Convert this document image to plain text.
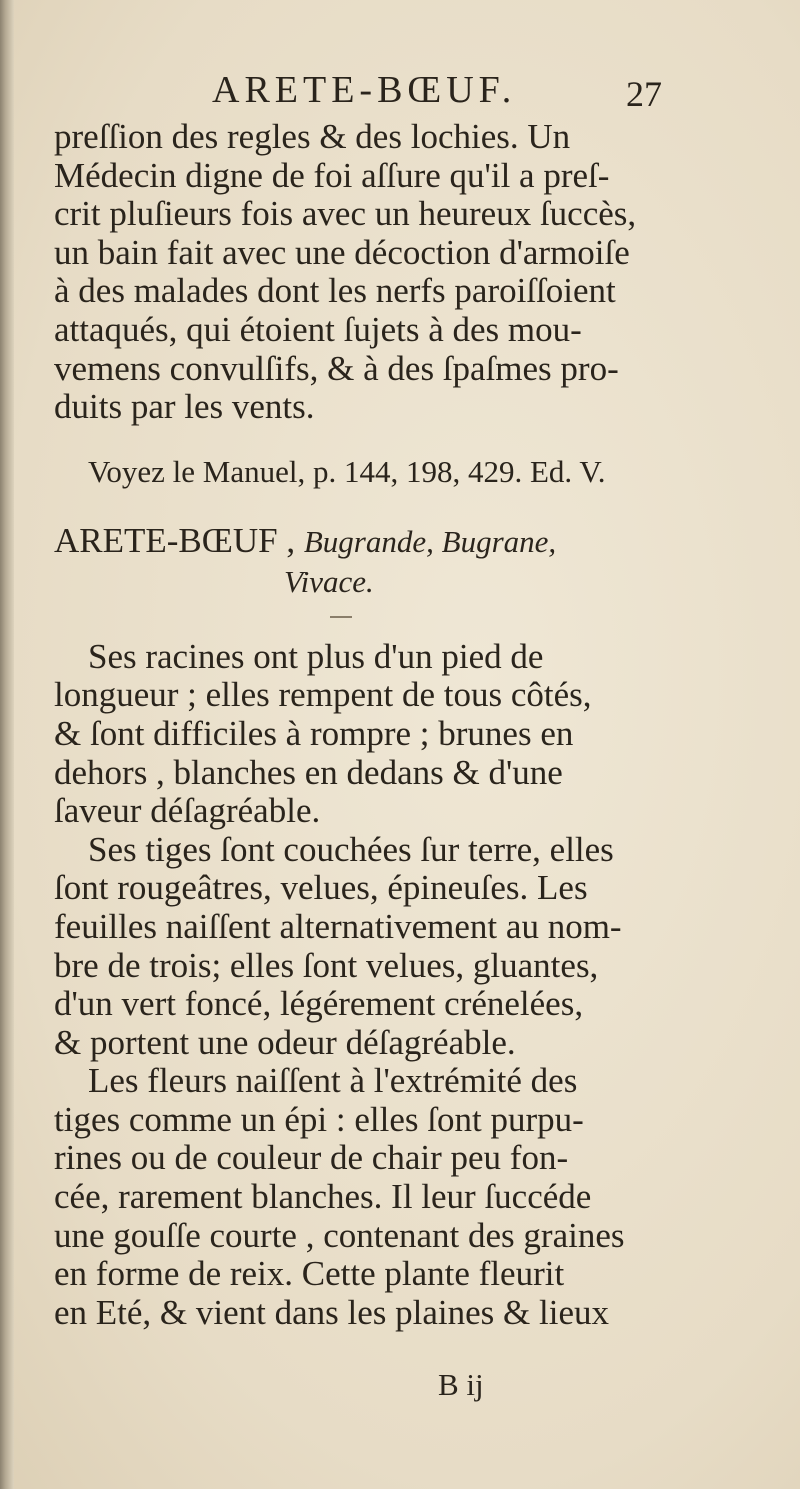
ARETE-BŒUF.	27

preſſion des regles & des lochies. Un
Médecin digne de foi aſſure qu'il a preſ-
crit pluſieurs fois avec un heureux ſuccès,
un bain fait avec une décoction d'armoiſe
à des malades dont les nerfs paroiſſoient
attaqués, qui étoient ſujets à des mou-
vemens convulſifs, & à des ſpaſmes pro-
duits par les vents.

Voyez le Manuel, p. 144, 198, 429. Ed. V.

ARETE-BŒUF , Bugrande, Bugrane,
Vivace.

Ses racines ont plus d'un pied de
longueur ; elles rempent de tous côtés,
& ſont difficiles à rompre ; brunes en
dehors , blanches en dedans & d'une
ſaveur déſagréable.

Ses tiges ſont couchées ſur terre, elles
ſont rougeâtres, velues, épineuſes. Les
feuilles naiſſent alternativement au nom-
bre de trois; elles ſont velues, gluantes,
d'un vert foncé, légérement crénelées,
& portent une odeur déſagréable.

Les fleurs naiſſent à l'extrémité des
tiges comme un épi : elles ſont purpu-
rines ou de couleur de chair peu fon-
cée, rarement blanches. Il leur ſuccéde
une gouſſe courte , contenant des graines
en forme de reix. Cette plante fleurit
en Eté, & vient dans les plaines & lieux

B ij
